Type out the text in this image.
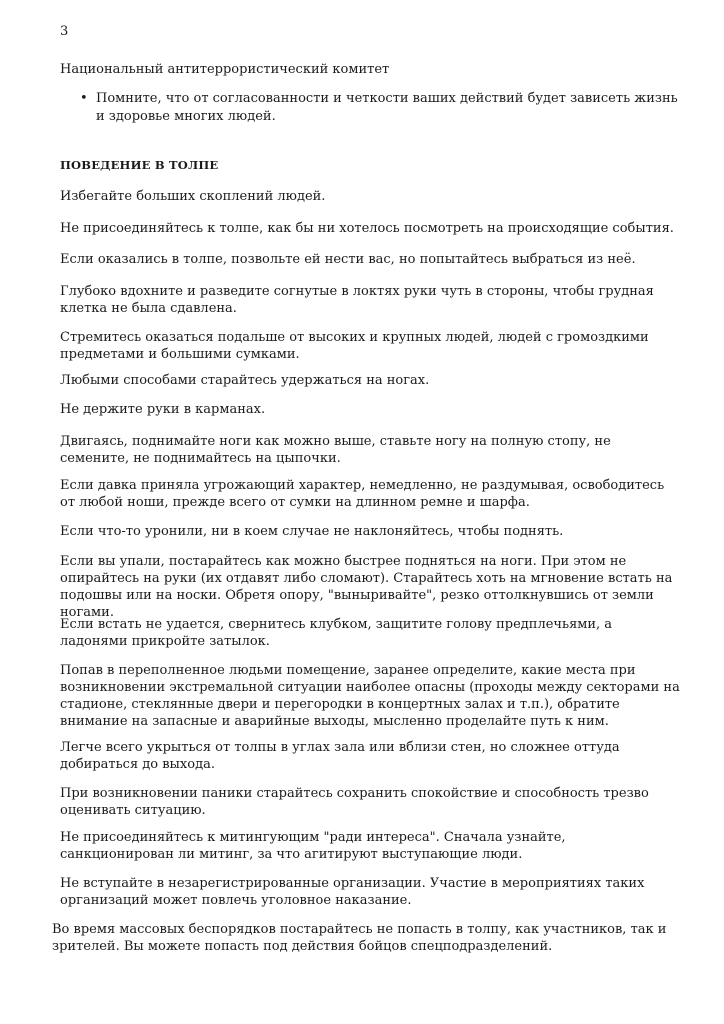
3
Национальный антитеррористический комитет
• Помните, что от согласованности и четкости ваших действий будет зависеть жизнь и здоровье многих людей.
ПОВЕДЕНИЕ В ТОЛПЕ

Избегайте больших скоплений людей.

Не присоединяйтесь к толпе, как бы ни хотелось посмотреть на происходящие события.

Если оказались в толпе, позвольте ей нести вас, но попытайтесь выбраться из неё.

Глубоко вдохните и разведите согнутые в локтях руки чуть в стороны, чтобы грудная клетка не была сдавлена.

Стремитесь оказаться подальше от высоких и крупных людей, людей с громоздкими предметами и большими сумками.

Любыми способами старайтесь удержаться на ногах.

Не держите руки в карманах.

Двигаясь, поднимайте ноги как можно выше, ставьте ногу на полную стопу, не семените, не поднимайтесь на цыпочки.

Если давка приняла угрожающий характер, немедленно, не раздумывая, освободитесь от любой ноши, прежде всего от сумки на длинном ремне и шарфа.

Если что-то уронили, ни в коем случае не наклоняйтесь, чтобы поднять.

Если вы упали, постарайтесь как можно быстрее подняться на ноги. При этом не опирайтесь на руки (их отдавят либо сломают). Старайтесь хоть на мгновение встать на подошвы или на носки. Обретя опору, "выныривайте", резко оттолкнувшись от земли ногами.

Если встать не удается, свернитесь клубком, защитите голову предплечьями, а ладонями прикройте затылок.

Попав в переполненное людьми помещение, заранее определите, какие места при возникновении экстремальной ситуации наиболее опасны (проходы между секторами на стадионе, стеклянные двери и перегородки в концертных залах и т.п.), обратите внимание на запасные и аварийные выходы, мысленно проделайте путь к ним.

Легче всего укрыться от толпы в углах зала или вблизи стен, но сложнее оттуда добираться до выхода.

При возникновении паники старайтесь сохранить спокойствие и способность трезво оценивать ситуацию.

Не присоединяйтесь к митингующим "ради интереса". Сначала узнайте, санкционирован ли митинг, за что агитируют выступающие люди.

Не вступайте в незарегистрированные организации. Участие в мероприятиях таких организаций может повлечь уголовное наказание.

Во время массовых беспорядков постарайтесь не попасть в толпу, как участников, так и зрителей. Вы можете попасть под действия бойцов спецподразделений.
